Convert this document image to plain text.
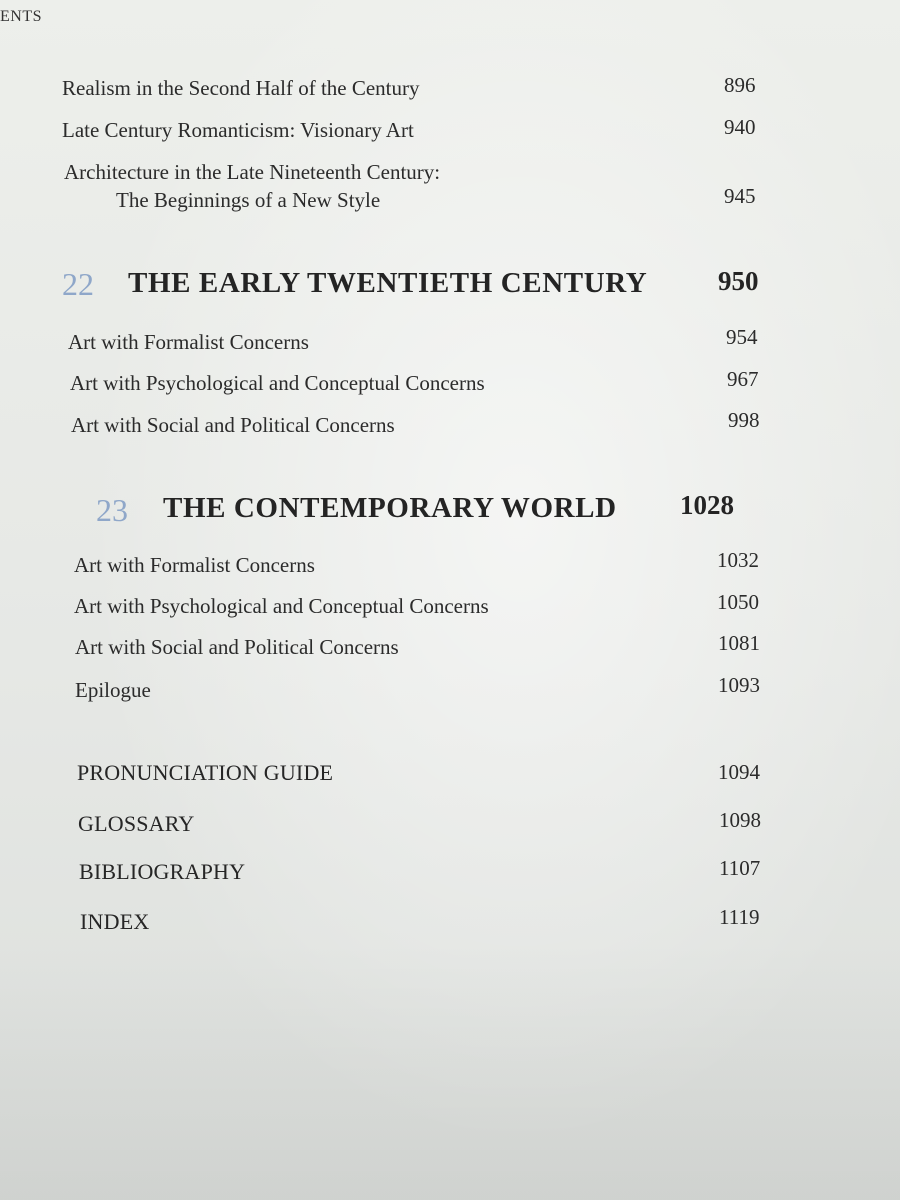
ENTS
Realism in the Second Half of the Century	896
Late Century Romanticism: Visionary Art	940
Architecture in the Late Nineteenth Century:
The Beginnings of a New Style	945
22 THE EARLY TWENTIETH CENTURY	950
Art with Formalist Concerns	954
Art with Psychological and Conceptual Concerns	967
Art with Social and Political Concerns	998
23 THE CONTEMPORARY WORLD 1028
Art with Formalist Concerns	1032
Art with Psychological and Conceptual Concerns	1050
Art with Social and Political Concerns	1081
Epilogue	1093
PRONUNCIATION GUIDE	1094
GLOSSARY	1098
BIBLIOGRAPHY	1107
INDEX	1119
